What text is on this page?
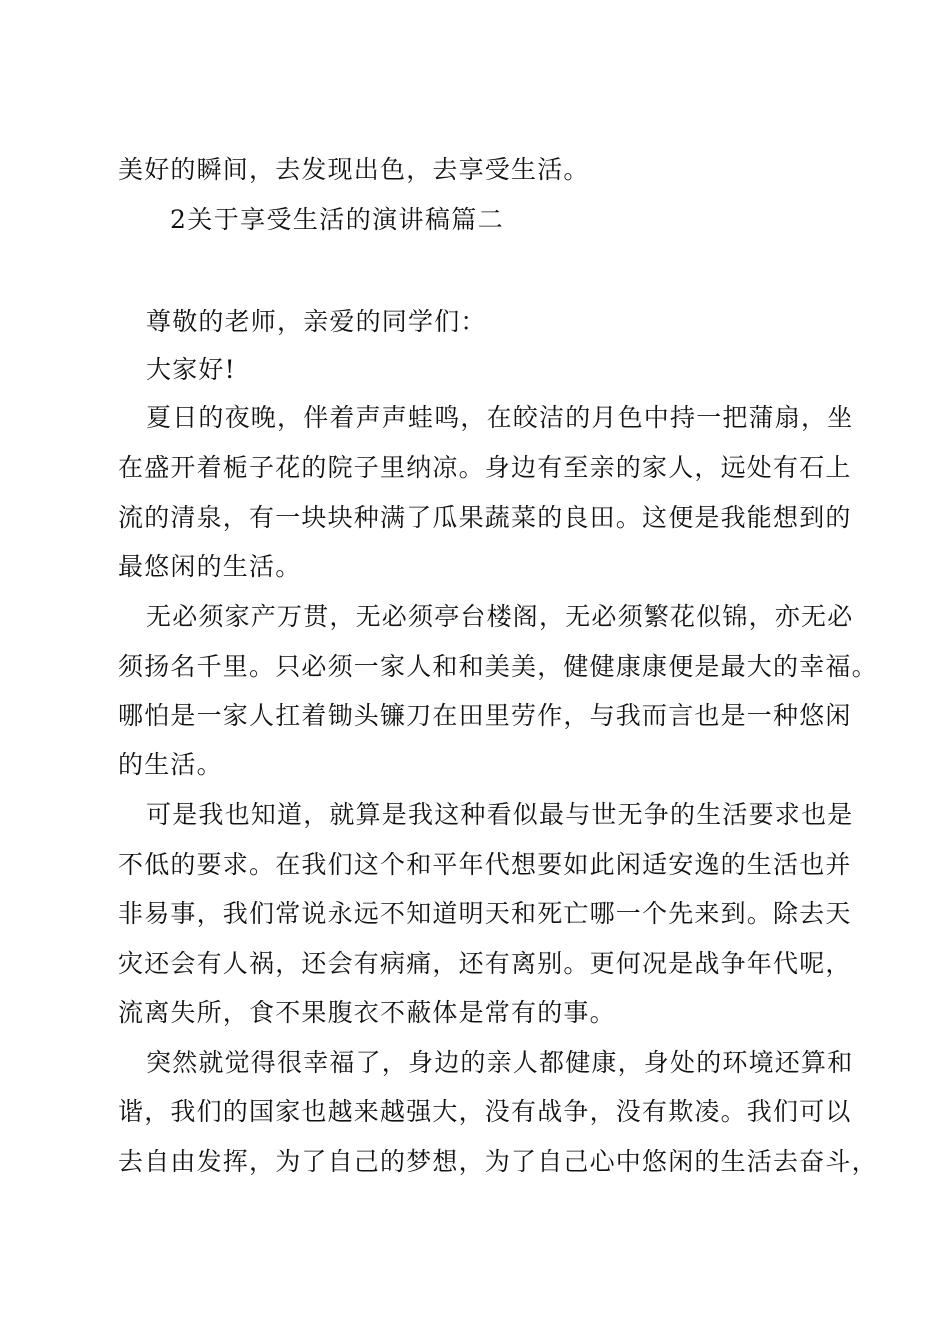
美好的瞬间，去发现出色，去享受生活。
2关于享受生活的演讲稿篇二
尊敬的老师，亲爱的同学们：
大家好!
夏日的夜晚，伴着声声蛙鸣，在皎洁的月色中持一把蒲扇，坐
在盛开着栀子花的院子里纳凉。身边有至亲的家人，远处有石上
流的清泉，有一块块种满了瓜果蔬菜的良田。这便是我能想到的
最悠闲的生活。
无必须家产万贯，无必须亭台楼阁，无必须繁花似锦，亦无必
须扬名千里。只必须一家人和和美美，健健康康便是最大的幸福。
哪怕是一家人扛着锄头镰刀在田里劳作，与我而言也是一种悠闲
的生活。
可是我也知道，就算是我这种看似最与世无争的生活要求也是
不低的要求。在我们这个和平年代想要如此闲适安逸的生活也并
非易事，我们常说永远不知道明天和死亡哪一个先来到。除去天
灾还会有人祸，还会有病痛，还有离别。更何况是战争年代呢，
流离失所，食不果腹衣不蔽体是常有的事。
突然就觉得很幸福了，身边的亲人都健康，身处的环境还算和
谐，我们的国家也越来越强大，没有战争，没有欺凌。我们可以
去自由发挥，为了自己的梦想，为了自己心中悠闲的生活去奋斗，
